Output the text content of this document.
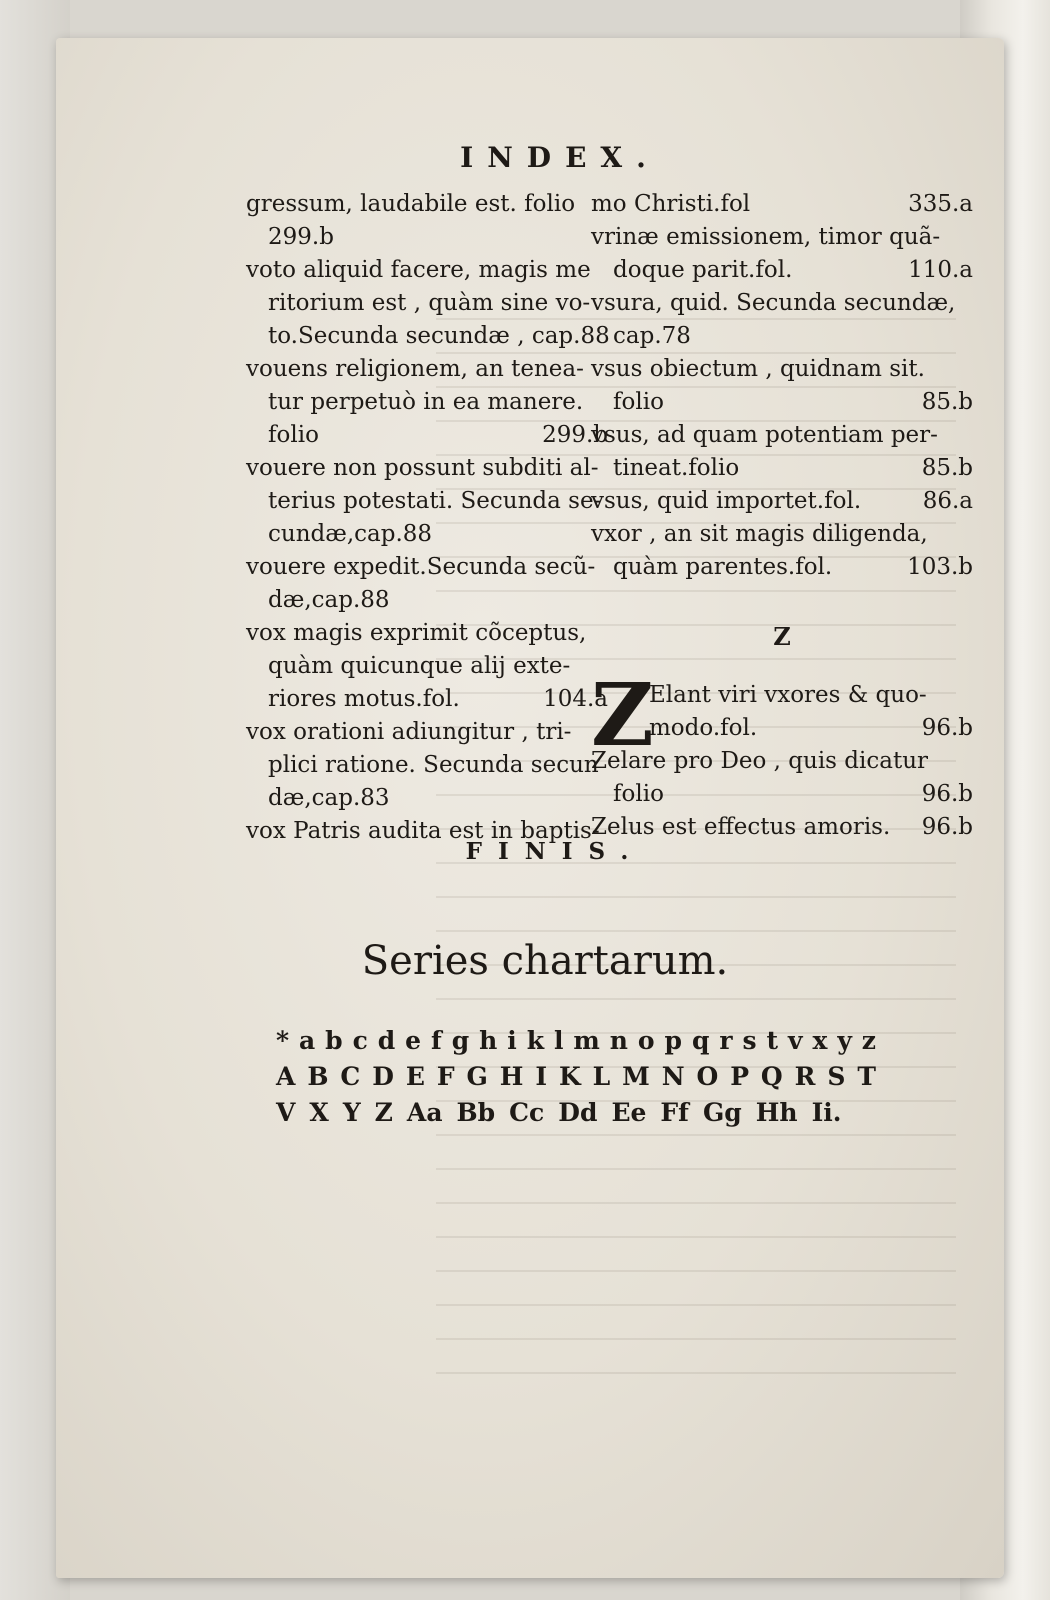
INDEX.
gressum, laudabile est. folio
299.b
voto aliquid facere, magis me
ritorium est , quàm sine vo-
to.Secunda secundæ , cap.88
vouens religionem, an tenea-
tur perpetuò in ea manere.
folio	299.b
vouere non possunt subditi al-
terius potestati. Secunda se-
cundæ,cap.88
vouere expedit.Secunda secũ-
dæ,cap.88
vox magis exprimit cõceptus,
quàm quicunque alij exte-
riores motus.fol.	104.a
vox orationi adiungitur , tri-
plici ratione. Secunda secun
dæ,cap.83
vox Patris audita est in baptis-
mo Christi.fol	335.a
vrinæ emissionem, timor quã-
doque parit.fol.	110.a
vsura, quid. Secunda secundæ,
cap.78
vsus obiectum , quidnam sit.
folio	85.b
vsus, ad quam potentiam per-
tineat.folio	85.b
vsus, quid importet.fol.	86.a
vxor , an sit magis diligenda,
quàm parentes.fol.	103.b
Z
Z
Elant viri vxores & quo-
modo.fol.	96.b
Zelare pro Deo , quis dicatur
folio	96.b
Zelus est effectus amoris.	96.b
FINIS.
Series chartarum.
* a b c d e f g h i k l m n o p q r s t v x y z
A B C D E F G H I K L M N O P Q R S T
V X Y Z Aa Bb Cc Dd Ee Ff Gg Hh Ii.
